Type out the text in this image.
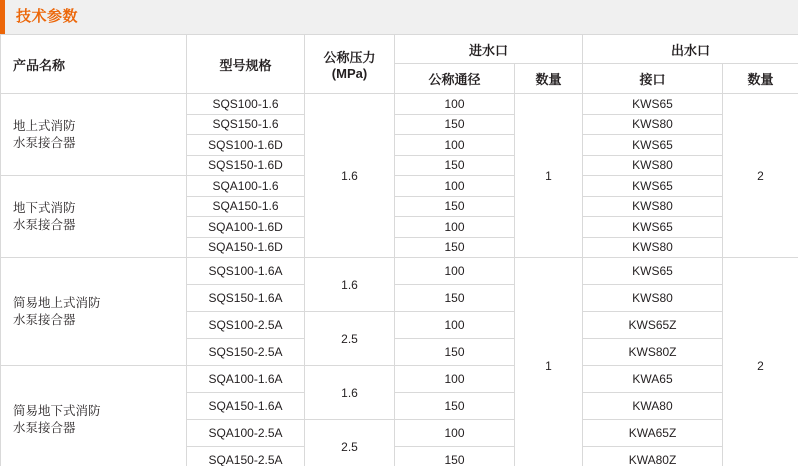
技术参数
产品名称	型号规格	公称压力
(MPa)	进水口		出水口	
			公称通径	数量	接口	数量

地上式消防
水泵接合器	SQS100-1.6	1.6	100	1	KWS65	2
	SQS150-1.6		150		KWS80	
	SQS100-1.6D		100		KWS65	
	SQS150-1.6D		150		KWS80	

地下式消防
水泵接合器	SQA100-1.6		100		KWS65	
	SQA150-1.6		150		KWS80	
	SQA100-1.6D		100		KWS65	
	SQA150-1.6D		150		KWS80	

简易地上式消防
水泵接合器	SQS100-1.6A	1.6	100	1	KWS65	2
	SQS150-1.6A		150		KWS80	
	SQS100-2.5A	2.5	100		KWS65Z	
	SQS150-2.5A		150		KWS80Z	

简易地下式消防
水泵接合器	SQA100-1.6A	1.6	100		KWA65	
	SQA150-1.6A		150		KWA80	
	SQA100-2.5A	2.5	100		KWA65Z	
	SQA150-2.5A		150		KWA80Z	
